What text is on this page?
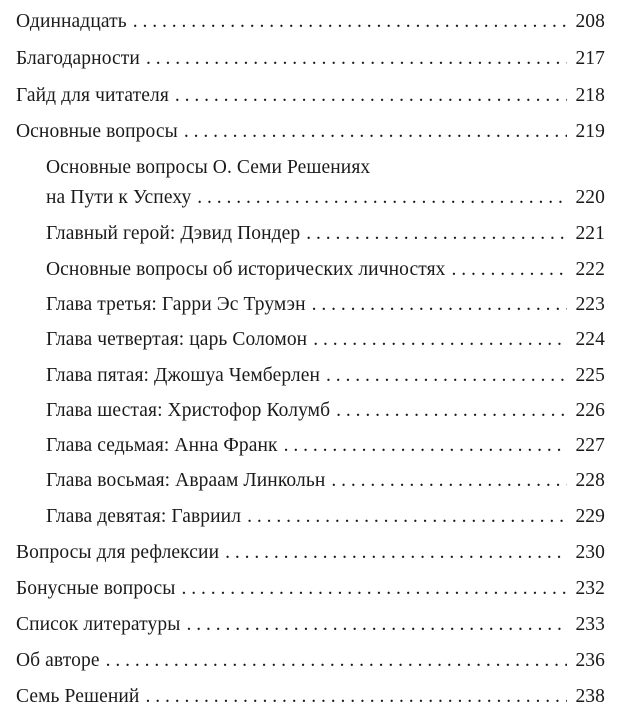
Одиннадцать . . .	208
Благодарности . . .	217
Гайд для читателя . . .	218
Основные вопросы . . .	219
Основные вопросы О. Семи Решениях
на Пути к Успеху . . .	220
Главный герой: Дэвид Пондер . . .	221
Основные вопросы об исторических личностях . . .	222
Глава третья: Гарри Эс Трумэн . . .	223
Глава четвертая: царь Соломон . . .	224
Глава пятая: Джошуа Чемберлен . . .	225
Глава шестая: Христофор Колумб . . .	226
Глава седьмая: Анна Франк . . .	227
Глава восьмая: Авраам Линкольн . . .	228
Глава девятая: Гавриил . . .	229
Вопросы для рефлексии . . .	230
Бонусные вопросы . . .	232
Список литературы . . .	233
Об авторе . . .	236
Семь Решений . . .	238
